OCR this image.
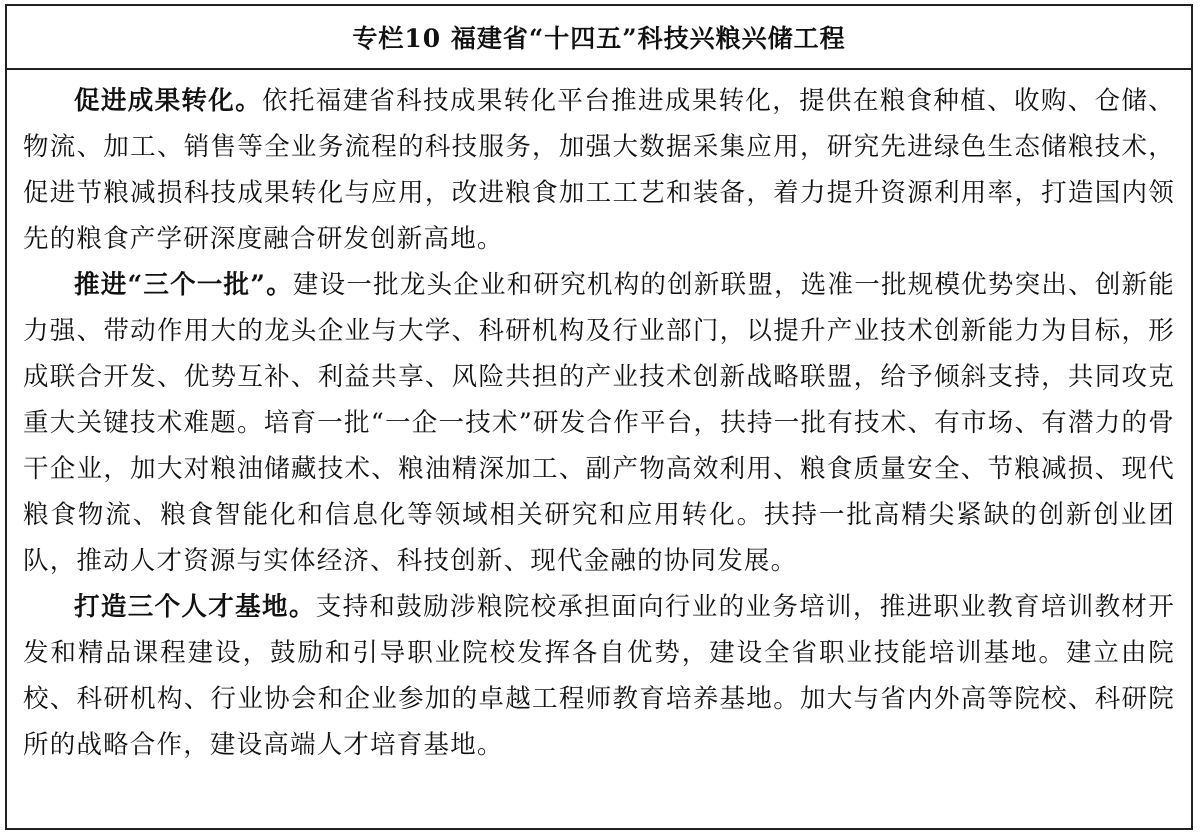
专栏10 福建省“十四五”科技兴粮兴储工程

促进成果转化。依托福建省科技成果转化平台推进成果转化，提供在粮食种植、收购、仓储、物流、加工、销售等全业务流程的科技服务，加强大数据采集应用，研究先进绿色生态储粮技术，促进节粮减损科技成果转化与应用，改进粮食加工工艺和装备，着力提升资源利用率，打造国内领先的粮食产学研深度融合研发创新高地。

推进“三个一批”。建设一批龙头企业和研究机构的创新联盟，选准一批规模优势突出、创新能力强、带动作用大的龙头企业与大学、科研机构及行业部门，以提升产业技术创新能力为目标，形成联合开发、优势互补、利益共享、风险共担的产业技术创新战略联盟，给予倾斜支持，共同攻克重大关键技术难题。培育一批“一企一技术”研发合作平台，扶持一批有技术、有市场、有潜力的骨干企业，加大对粮油储藏技术、粮油精深加工、副产物高效利用、粮食质量安全、节粮减损、现代粮食物流、粮食智能化和信息化等领域相关研究和应用转化。扶持一批高精尖紧缺的创新创业团队，推动人才资源与实体经济、科技创新、现代金融的协同发展。

打造三个人才基地。支持和鼓励涉粮院校承担面向行业的业务培训，推进职业教育培训教材开发和精品课程建设，鼓励和引导职业院校发挥各自优势，建设全省职业技能培训基地。建立由院校、科研机构、行业协会和企业参加的卓越工程师教育培养基地。加大与省内外高等院校、科研院所的战略合作，建设高端人才培育基地。
